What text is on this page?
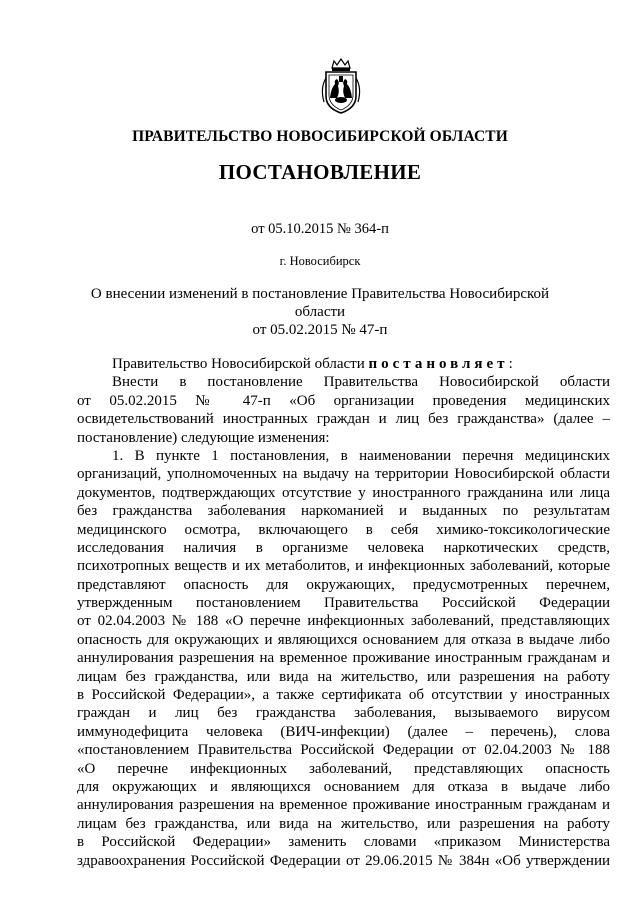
ПРАВИТЕЛЬСТВО НОВОСИБИРСКОЙ ОБЛАСТИ
ПОСТАНОВЛЕНИЕ
от 05.10.2015 № 364-п
г. Новосибирск
О внесении изменений в постановление Правительства Новосибирской области
от 05.02.2015 № 47-п
Правительство Новосибирской области постановляет:
Внести в постановление Правительства Новосибирской области
от 05.02.2015 № 47-п «Об организации проведения медицинских
освидетельствований иностранных граждан и лиц без гражданства» (далее –
постановление) следующие изменения:
1. В пункте 1 постановления, в наименовании перечня медицинских
организаций, уполномоченных на выдачу на территории Новосибирской области
документов, подтверждающих отсутствие у иностранного гражданина или лица
без гражданства заболевания наркоманией и выданных по результатам
медицинского осмотра, включающего в себя химико-токсикологические
исследования наличия в организме человека наркотических средств,
психотропных веществ и их метаболитов, и инфекционных заболеваний, которые
представляют опасность для окружающих, предусмотренных перечнем,
утвержденным постановлением Правительства Российской Федерации
от 02.04.2003 № 188 «О перечне инфекционных заболеваний, представляющих
опасность для окружающих и являющихся основанием для отказа в выдаче либо
аннулирования разрешения на временное проживание иностранным гражданам и
лицам без гражданства, или вида на жительство, или разрешения на работу
в Российской Федерации», а также сертификата об отсутствии у иностранных
граждан и лиц без гражданства заболевания, вызываемого вирусом
иммунодефицита человека (ВИЧ-инфекции) (далее – перечень), слова
«постановлением Правительства Российской Федерации от 02.04.2003 № 188
«О перечне инфекционных заболеваний, представляющих опасность
для окружающих и являющихся основанием для отказа в выдаче либо
аннулирования разрешения на временное проживание иностранным гражданам и
лицам без гражданства, или вида на жительство, или разрешения на работу
в Российской Федерации» заменить словами «приказом Министерства
здравоохранения Российской Федерации от 29.06.2015 № 384н «Об утверждении
